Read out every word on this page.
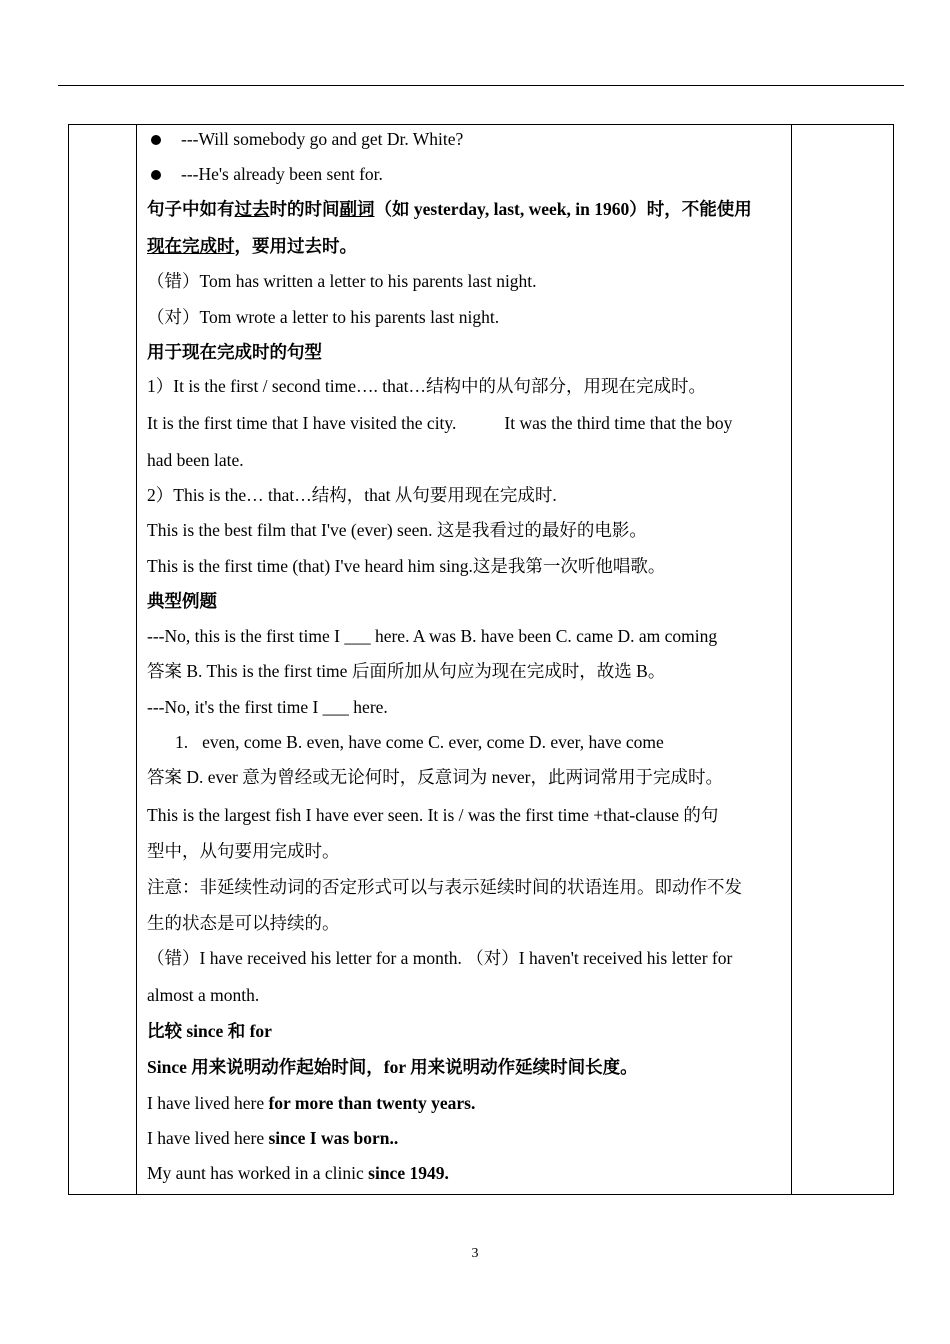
---Will somebody go and get Dr. White?
---He's already been sent for.
句子中如有过去时的时间副词（如 yesterday, last, week, in 1960）时，不能使用
现在完成时，要用过去时。
（错）Tom has written a letter to his parents last night.
（对）Tom wrote a letter to his parents last night.
用于现在完成时的句型
1）It is the first / second time…. that…结构中的从句部分，用现在完成时。
It is the first time that I have visited the city.	It was the third time that the boy
had been late.
2）This is the… that…结构，that 从句要用现在完成时.
This is the best film that I've (ever) seen. 这是我看过的最好的电影。
This is the first time (that) I've heard him sing.这是我第一次听他唱歌。
典型例题
---No, this is the first time I ___ here. A was B. have been C. came D. am coming
答案 B. This is the first time 后面所加从句应为现在完成时，故选 B。
---No, it's the first time I ___ here.
1. even, come B. even, have come C. ever, come D. ever, have come
答案 D. ever 意为曾经或无论何时，反意词为 never，此两词常用于完成时。
This is the largest fish I have ever seen. It is / was the first time +that-clause 的句
型中，从句要用完成时。
注意：非延续性动词的否定形式可以与表示延续时间的状语连用。即动作不发
生的状态是可以持续的。
（错）I have received his letter for a month. （对）I haven't received his letter for
almost a month.
比较 since 和 for
Since 用来说明动作起始时间，for 用来说明动作延续时间长度。
I have lived here for more than twenty years.
I have lived here since I was born..
My aunt has worked in a clinic since 1949.
3
